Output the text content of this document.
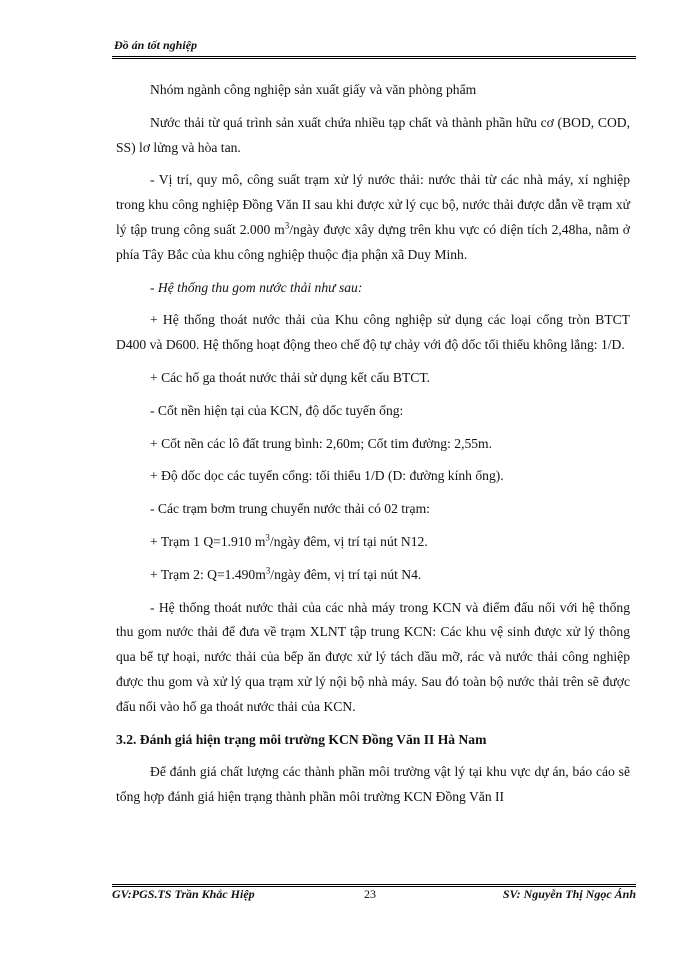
Đồ án tốt nghiệp

Nhóm ngành công nghiệp sản xuất giấy và văn phòng phẩm

Nước thải từ quá trình sản xuất chứa nhiều tạp chất và thành phần hữu cơ (BOD, COD, SS) lơ lửng và hòa tan.

- Vị trí, quy mô, công suất trạm xử lý nước thải: nước thải từ các nhà máy, xí nghiệp trong khu công nghiệp Đồng Văn II sau khi được xử lý cục bộ, nước thải được dẫn về trạm xử lý tập trung công suất 2.000 $m^3$/ngày được xây dựng trên khu vực có diện tích 2,48ha, nằm ở phía Tây Bắc của khu công nghiệp thuộc địa phận xã Duy Minh.

- Hệ thống thu gom nước thải như sau:

+ Hệ thống thoát nước thải của Khu công nghiệp sử dụng các loại cống tròn BTCT D400 và D600. Hệ thống hoạt động theo chế độ tự chảy với độ dốc tối thiểu không lắng: 1/D.

+ Các hố ga thoát nước thải sử dụng kết cấu BTCT.

- Cốt nền hiện tại của KCN, độ dốc tuyến ống:

+ Cốt nền các lô đất trung bình: 2,60m; Cốt tim đường: 2,55m.

+ Độ dốc dọc các tuyến cống: tối thiểu 1/D (D: đường kính ống).

- Các trạm bơm trung chuyển nước thải có 02 trạm:

+ Trạm 1 Q=1.910 $m^3$/ngày đêm, vị trí tại nút N12.

+ Trạm 2: $Q=1.490m^3$/ngày đêm, vị trí tại nút N4.

- Hệ thống thoát nước thải của các nhà máy trong KCN và điểm đấu nối với hệ thống thu gom nước thải để đưa về trạm XLNT tập trung KCN: Các khu vệ sinh được xử lý thông qua bể tự hoại, nước thải của bếp ăn được xử lý tách dầu mỡ, rác và nước thải công nghiệp được thu gom và xử lý qua trạm xử lý nội bộ nhà máy. Sau đó toàn bộ nước thải trên sẽ được đấu nối vào hố ga thoát nước thải của KCN.

3.2. Đánh giá hiện trạng môi trường KCN Đồng Văn II Hà Nam

Để đánh giá chất lượng các thành phần môi trường vật lý tại khu vực dự án, báo cáo sẽ tổng hợp đánh giá hiện trạng thành phần môi trường KCN Đồng Văn II

GV:PGS.TS Trần Khắc Hiệp	23	SV: Nguyễn Thị Ngọc Ánh
